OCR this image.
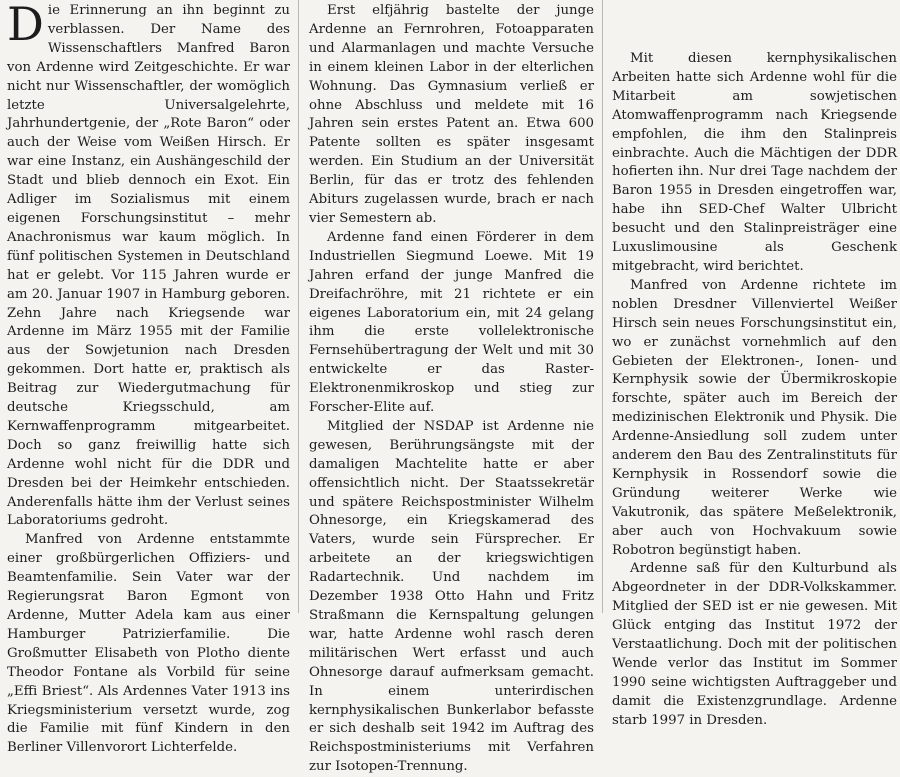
Die Erinnerung an ihn beginnt zu verblassen. Der Name des Wissenschaftlers Manfred Baron von Ardenne wird Zeitgeschichte. Er war nicht nur Wissenschaftler, der womöglich letzte Universalgelehrte, Jahrhundertgenie, der „Rote Baron“ oder auch der Weise vom Weißen Hirsch. Er war eine Instanz, ein Aushängeschild der Stadt und blieb dennoch ein Exot. Ein Adliger im Sozialismus mit einem eigenen Forschungsinstitut – mehr Anachronismus war kaum möglich. In fünf politischen Systemen in Deutschland hat er gelebt. Vor 115 Jahren wurde er am 20. Januar 1907 in Hamburg geboren. Zehn Jahre nach Kriegsende war Ardenne im März 1955 mit der Familie aus der Sowjetunion nach Dresden gekommen. Dort hatte er, praktisch als Beitrag zur Wiedergutmachung für deutsche Kriegsschuld, am Kernwaffenprogramm mitgearbeitet. Doch so ganz freiwillig hatte sich Ardenne wohl nicht für die DDR und Dresden bei der Heimkehr entschieden. Anderenfalls hätte ihm der Verlust seines Laboratoriums gedroht.

Manfred von Ardenne entstammte einer großbürgerlichen Offiziers- und Beamtenfamilie. Sein Vater war der Regierungsrat Baron Egmont von Ardenne, Mutter Adela kam aus einer Hamburger Patrizierfamilie. Die Großmutter Elisabeth von Plotho diente Theodor Fontane als Vorbild für seine „Effi Briest“. Als Ardennes Vater 1913 ins Kriegsministerium versetzt wurde, zog die Familie mit fünf Kindern in den Berliner Villenvorort Lichterfelde.

Erst elfjährig bastelte der junge Ardenne an Fernrohren, Fotoapparaten und Alarmanlagen und machte Versuche in einem kleinen Labor in der elterlichen Wohnung. Das Gymnasium verließ er ohne Abschluss und meldete mit 16 Jahren sein erstes Patent an. Etwa 600 Patente sollten es später insgesamt werden. Ein Studium an der Universität Berlin, für das er trotz des fehlenden Abiturs zugelassen wurde, brach er nach vier Semestern ab.

Ardenne fand einen Förderer in dem Industriellen Siegmund Loewe. Mit 19 Jahren erfand der junge Manfred die Dreifachröhre, mit 21 richtete er ein eigenes Laboratorium ein, mit 24 gelang ihm die erste vollelektronische Fernsehübertragung der Welt und mit 30 entwickelte er das Raster-Elektronenmikroskop und stieg zur Forscher-Elite auf.

Mitglied der NSDAP ist Ardenne nie gewesen, Berührungsängste mit der damaligen Machtelite hatte er aber offensichtlich nicht. Der Staatssekretär und spätere Reichspostminister Wilhelm Ohnesorge, ein Kriegskamerad des Vaters, wurde sein Fürsprecher. Er arbeitete an der kriegswichtigen Radartechnik. Und nachdem im Dezember 1938 Otto Hahn und Fritz Straßmann die Kernspaltung gelungen war, hatte Ardenne wohl rasch deren militärischen Wert erfasst und auch Ohnesorge darauf aufmerksam gemacht. In einem unterirdischen kernphysikalischen Bunkerlabor befasste er sich deshalb seit 1942 im Auftrag des Reichspostministeriums mit Verfahren zur Isotopen-Trennung.

Mit diesen kernphysikalischen Arbeiten hatte sich Ardenne wohl für die Mitarbeit am sowjetischen Atomwaffenprogramm nach Kriegsende empfohlen, die ihm den Stalinpreis einbrachte. Auch die Mächtigen der DDR hofierten ihn. Nur drei Tage nachdem der Baron 1955 in Dresden eingetroffen war, habe ihn SED-Chef Walter Ulbricht besucht und den Stalinpreisträger eine Luxuslimousine als Geschenk mitgebracht, wird berichtet.

Manfred von Ardenne richtete im noblen Dresdner Villenviertel Weißer Hirsch sein neues Forschungsinstitut ein, wo er zunächst vornehmlich auf den Gebieten der Elektronen-, Ionen- und Kernphysik sowie der Übermikroskopie forschte, später auch im Bereich der medizinischen Elektronik und Physik. Die Ardenne-Ansiedlung soll zudem unter anderem den Bau des Zentralinstituts für Kernphysik in Rossendorf sowie die Gründung weiterer Werke wie Vakutronik, das spätere Meßelektronik, aber auch von Hochvakuum sowie Robotron begünstigt haben.

Ardenne saß für den Kulturbund als Abgeordneter in der DDR-Volkskammer. Mitglied der SED ist er nie gewesen. Mit Glück entging das Institut 1972 der Verstaatlichung. Doch mit der politischen Wende verlor das Institut im Sommer 1990 seine wichtigsten Auftraggeber und damit die Existenzgrundlage. Ardenne starb 1997 in Dresden.
